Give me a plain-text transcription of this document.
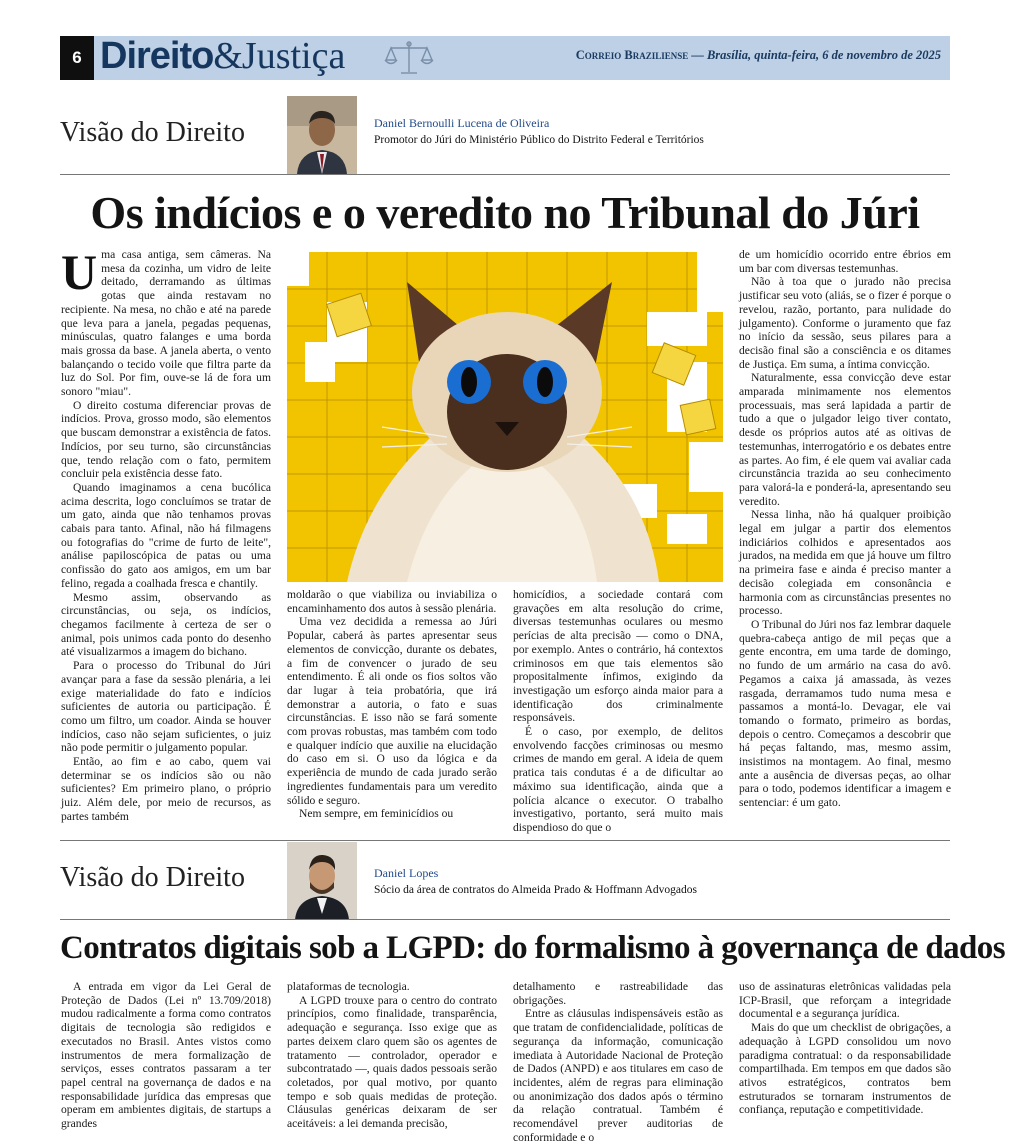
6 Direito&Justiça	Correio Braziliense — Brasília, quinta-feira, 6 de novembro de 2025
Visão do Direito	Daniel Bernoulli Lucena de Oliveira
Promotor do Júri do Ministério Público do Distrito Federal e Territórios
Os indícios e o veredito no Tribunal do Júri
U ma casa antiga, sem câmeras. Na mesa da cozinha, um vidro de leite deitado, derramando as últimas gotas que ainda restavam no recipiente. Na mesa, no chão e até na parede que leva para a janela, pegadas pequenas, minúsculas, quatro falanges e uma borda mais grossa da base. A janela aberta, o vento balançando o tecido voile que filtra parte da luz do Sol. Por fim, ouve-se lá de fora um sonoro "miau".

O direito costuma diferenciar provas de indícios. Prova, grosso modo, são elementos que buscam demonstrar a existência de fatos. Indícios, por seu turno, são circunstâncias que, tendo relação com o fato, permitem concluir pela existência desse fato.

Quando imaginamos a cena bucólica acima descrita, logo concluímos se tratar de um gato, ainda que não tenhamos provas cabais para tanto. Afinal, não há filmagens ou fotografias do "crime de furto de leite", análise papiloscópica de patas ou uma confissão do gato aos amigos, em um bar felino, regada a coalhada fresca e chantily.

Mesmo assim, observando as circunstâncias, ou seja, os indícios, chegamos facilmente à certeza de ser o animal, pois unimos cada ponto do desenho até visualizarmos a imagem do bichano.

Para o processo do Tribunal do Júri avançar para a fase da sessão plenária, a lei exige materialidade do fato e indícios suficientes de autoria ou participação. É como um filtro, um coador. Ainda se houver indícios, caso não sejam suficientes, o juiz não pode permitir o julgamento popular.

Então, ao fim e ao cabo, quem vai determinar se os indícios são ou não suficientes? Em primeiro plano, o próprio juiz. Além dele, por meio de recursos, as partes também

moldarão o que viabiliza ou inviabiliza o encaminhamento dos autos à sessão plenária.

Uma vez decidida a remessa ao Júri Popular, caberá às partes apresentar seus elementos de convicção, durante os debates, a fim de convencer o jurado de seu entendimento. É ali onde os fios soltos vão dar lugar à teia probatória, que irá demonstrar a autoria, o fato e suas circunstâncias. E isso não se fará somente com provas robustas, mas também com todo e qualquer indício que auxilie na elucidação do caso em si. O uso da lógica e da experiência de mundo de cada jurado serão ingredientes fundamentais para um veredito sólido e seguro.

Nem sempre, em feminicídios ou

homicídios, a sociedade contará com gravações em alta resolução do crime, diversas testemunhas oculares ou mesmo perícias de alta precisão — como o DNA, por exemplo. Antes o contrário, há contextos criminosos em que tais elementos são propositalmente ínfimos, exigindo da investigação um esforço ainda maior para a identificação dos criminalmente responsáveis.

É o caso, por exemplo, de delitos envolvendo facções criminosas ou mesmo crimes de mando em geral. A ideia de quem pratica tais condutas é a de dificultar ao máximo sua identificação, ainda que a polícia alcance o executor. O trabalho investigativo, portanto, será muito mais dispendioso do que o

de um homicídio ocorrido entre ébrios em um bar com diversas testemunhas.

Não à toa que o jurado não precisa justificar seu voto (aliás, se o fizer é porque o revelou, razão, portanto, para nulidade do julgamento). Conforme o juramento que faz no início da sessão, seus pilares para a decisão final são a consciência e os ditames de Justiça. Em suma, a íntima convicção.

Naturalmente, essa convicção deve estar amparada minimamente nos elementos processuais, mas será lapidada a partir de tudo a que o julgador leigo tiver contato, desde os próprios autos até as oitivas de testemunhas, interrogatório e os debates entre as partes. Ao fim, é ele quem vai avaliar cada circunstância trazida ao seu conhecimento para valorá-la e ponderá-la, apresentando seu veredito.

Nessa linha, não há qualquer proibição legal em julgar a partir dos elementos indiciários colhidos e apresentados aos jurados, na medida em que já houve um filtro na primeira fase e ainda é preciso manter a decisão colegiada em consonância e harmonia com as circunstâncias presentes no processo.

O Tribunal do Júri nos faz lembrar daquele quebra-cabeça antigo de mil peças que a gente encontra, em uma tarde de domingo, no fundo de um armário na casa do avô. Pegamos a caixa já amassada, às vezes rasgada, derramamos tudo numa mesa e passamos a montá-lo. Devagar, ele vai tomando o formato, primeiro as bordas, depois o centro. Começamos a descobrir que há peças faltando, mas, mesmo assim, insistimos na montagem. Ao final, mesmo ante a ausência de diversas peças, ao olhar para o todo, podemos identificar a imagem e sentenciar: é um gato.

Visão do Direito	Daniel Lopes
Sócio da área de contratos do Almeida Prado & Hoffmann Advogados
Contratos digitais sob a LGPD: do formalismo à governança de dados

A entrada em vigor da Lei Geral de Proteção de Dados (Lei nº 13.709/2018) mudou radicalmente a forma como contratos digitais de tecnologia são redigidos e executados no Brasil. Antes vistos como instrumentos de mera formalização de serviços, esses contratos passaram a ter papel central na governança de dados e na responsabilidade jurídica das empresas que operam em ambientes digitais, de startups a grandes

plataformas de tecnologia.

A LGPD trouxe para o centro do contrato princípios, como finalidade, transparência, adequação e segurança. Isso exige que as partes deixem claro quem são os agentes de tratamento — controlador, operador e subcontratado —, quais dados pessoais serão coletados, por qual motivo, por quanto tempo e sob quais medidas de proteção. Cláusulas genéricas deixaram de ser aceitáveis: a lei demanda precisão,

detalhamento e rastreabilidade das obrigações.

Entre as cláusulas indispensáveis estão as que tratam de confidencialidade, políticas de segurança da informação, comunicação imediata à Autoridade Nacional de Proteção de Dados (ANPD) e aos titulares em caso de incidentes, além de regras para eliminação ou anonimização dos dados após o término da relação contratual. Também é recomendável prever auditorias de conformidade e o

uso de assinaturas eletrônicas validadas pela ICP-Brasil, que reforçam a integridade documental e a segurança jurídica.

Mais do que um checklist de obrigações, a adequação à LGPD consolidou um novo paradigma contratual: o da responsabilidade compartilhada. Em tempos em que dados são ativos estratégicos, contratos bem estruturados se tornaram instrumentos de confiança, reputação e competitividade.
